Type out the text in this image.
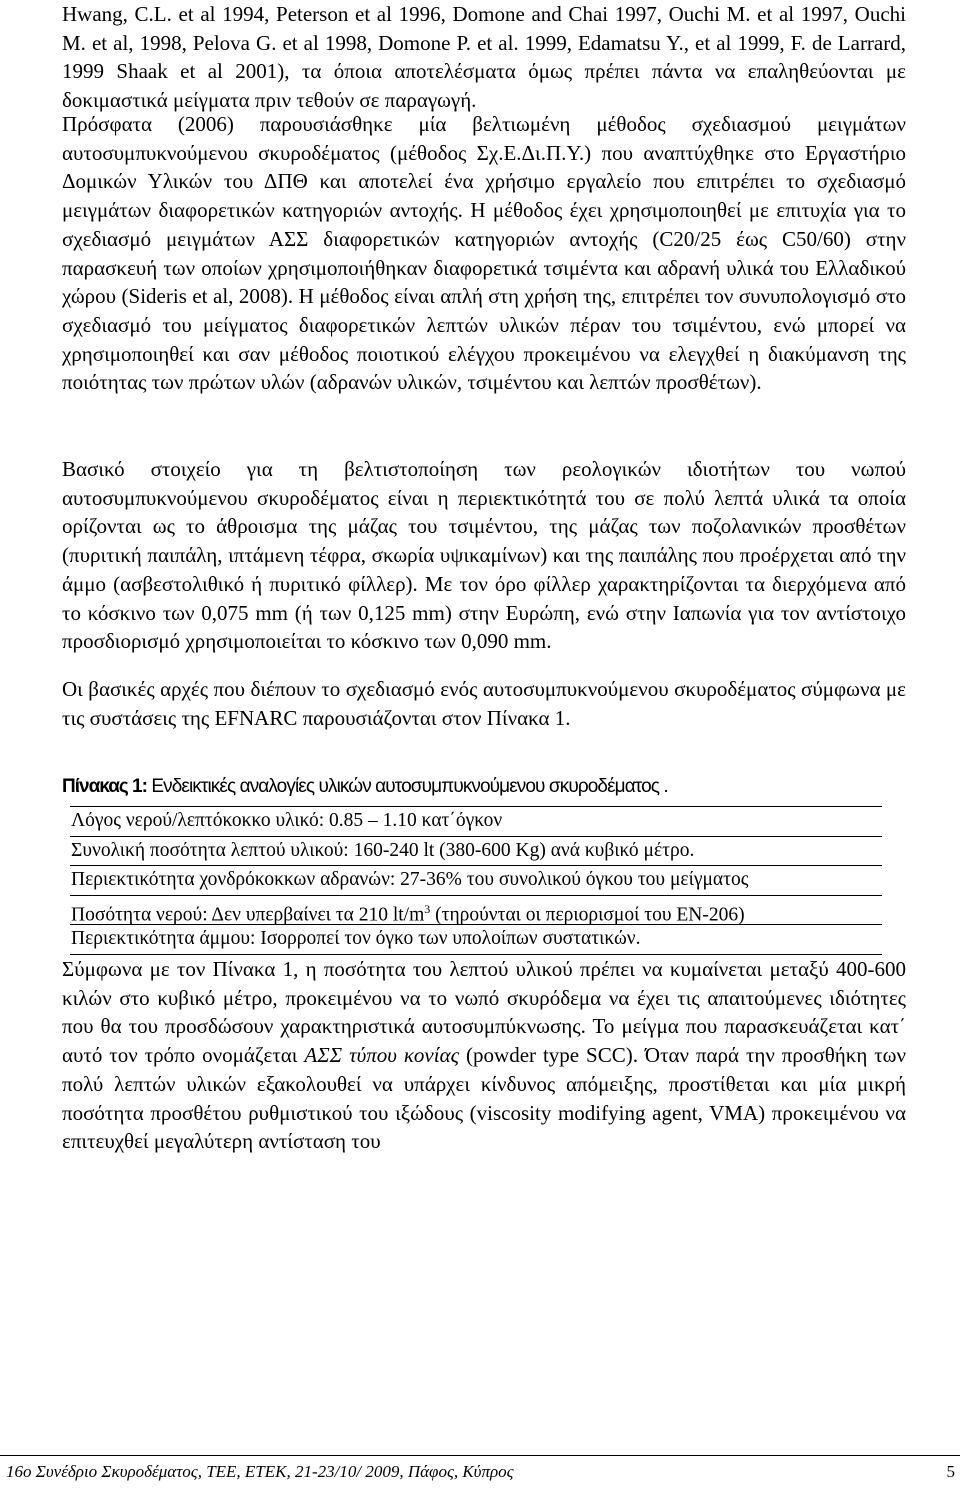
Hwang, C.L. et al 1994, Peterson et al 1996, Domone and Chai 1997, Ouchi M. et al 1997, Ouchi M. et al, 1998, Pelova G. et al 1998, Domone P. et al. 1999, Edamatsu Y., et al 1999, F. de Larrard, 1999 Shaak et al 2001), τα όποια αποτελέσματα όμως πρέπει πάντα να επαληθεύονται με δοκιμαστικά μείγματα πριν τεθούν σε παραγωγή.

Πρόσφατα (2006) παρουσιάσθηκε μία βελτιωμένη μέθοδος σχεδιασμού μειγμάτων αυτοσυμπυκνούμενου σκυροδέματος (μέθοδος Σχ.Ε.Δι.Π.Υ.) που αναπτύχθηκε στο Εργαστήριο Δομικών Υλικών του ΔΠΘ και αποτελεί ένα χρήσιμο εργαλείο που επιτρέπει το σχεδιασμό μειγμάτων διαφορετικών κατηγοριών αντοχής. Η μέθοδος έχει χρησιμοποιηθεί με επιτυχία για το σχεδιασμό μειγμάτων ΑΣΣ διαφορετικών κατηγοριών αντοχής (C20/25 έως C50/60) στην παρασκευή των οποίων χρησιμοποιήθηκαν διαφορετικά τσιμέντα και αδρανή υλικά του Ελλαδικού χώρου (Sideris et al, 2008). Η μέθοδος είναι απλή στη χρήση της, επιτρέπει τον συνυπολογισμό στο σχεδιασμό του μείγματος διαφορετικών λεπτών υλικών πέραν του τσιμέντου, ενώ μπορεί να χρησιμοποιηθεί και σαν μέθοδος ποιοτικού ελέγχου προκειμένου να ελεγχθεί η διακύμανση της ποιότητας των πρώτων υλών (αδρανών υλικών, τσιμέντου και λεπτών προσθέτων).

Βασικό στοιχείο για τη βελτιστοποίηση των ρεολογικών ιδιοτήτων του νωπού αυτοσυμπυκνούμενου σκυροδέματος είναι η περιεκτικότητά του σε πολύ λεπτά υλικά τα οποία ορίζονται ως το άθροισμα της μάζας του τσιμέντου, της μάζας των ποζολανικών προσθέτων (πυριτική παιπάλη, ιπτάμενη τέφρα, σκωρία υψικαμίνων) και της παιπάλης που προέρχεται από την άμμο (ασβεστολιθικό ή πυριτικό φίλλερ). Με τον όρο φίλλερ χαρακτηρίζονται τα διερχόμενα από το κόσκινο των 0,075 mm (ή των 0,125 mm) στην Ευρώπη, ενώ στην Ιαπωνία για τον αντίστοιχο προσδιορισμό χρησιμοποιείται το κόσκινο των 0,090 mm.

Οι βασικές αρχές που διέπουν το σχεδιασμό ενός αυτοσυμπυκνούμενου σκυροδέματος σύμφωνα με τις συστάσεις της EFNARC παρουσιάζονται στον Πίνακα 1.

Πίνακας 1: Ενδεικτικές αναλογίες υλικών αυτοσυμπυκνούμενου σκυροδέματος .
Λόγος νερού/λεπτόκοκκο υλικό: 0.85 – 1.10 κατ΄όγκον
Συνολική ποσότητα λεπτού υλικού: 160-240 lt (380-600 Kg) ανά κυβικό μέτρο.
Περιεκτικότητα χονδρόκοκκων αδρανών: 27-36% του συνολικού όγκου του μείγματος
Ποσότητα νερού: Δεν υπερβαίνει τα 210 $lt/m^3$ (τηρούνται οι περιορισμοί του EN-206)
Περιεκτικότητα άμμου: Ισορροπεί τον όγκο των υπολοίπων συστατικών.

Σύμφωνα με τον Πίνακα 1, η ποσότητα του λεπτού υλικού πρέπει να κυμαίνεται μεταξύ 400-600 κιλών στο κυβικό μέτρο, προκειμένου να το νωπό σκυρόδεμα να έχει τις απαιτούμενες ιδιότητες που θα του προσδώσουν χαρακτηριστικά αυτοσυμπύκνωσης. Το μείγμα που παρασκευάζεται κατ΄ αυτό τον τρόπο ονομάζεται ΑΣΣ τύπου κονίας (powder type SCC). Όταν παρά την προσθήκη των πολύ λεπτών υλικών εξακολουθεί να υπάρχει κίνδυνος απόμειξης, προστίθεται και μία μικρή ποσότητα προσθέτου ρυθμιστικού του ιξώδους (viscosity modifying agent, VMA) προκειμένου να επιτευχθεί μεγαλύτερη αντίσταση του

16ο Συνέδριο Σκυροδέματος, ΤΕΕ, ΕΤΕΚ, 21-23/10/ 2009, Πάφος, Κύπρος	5
